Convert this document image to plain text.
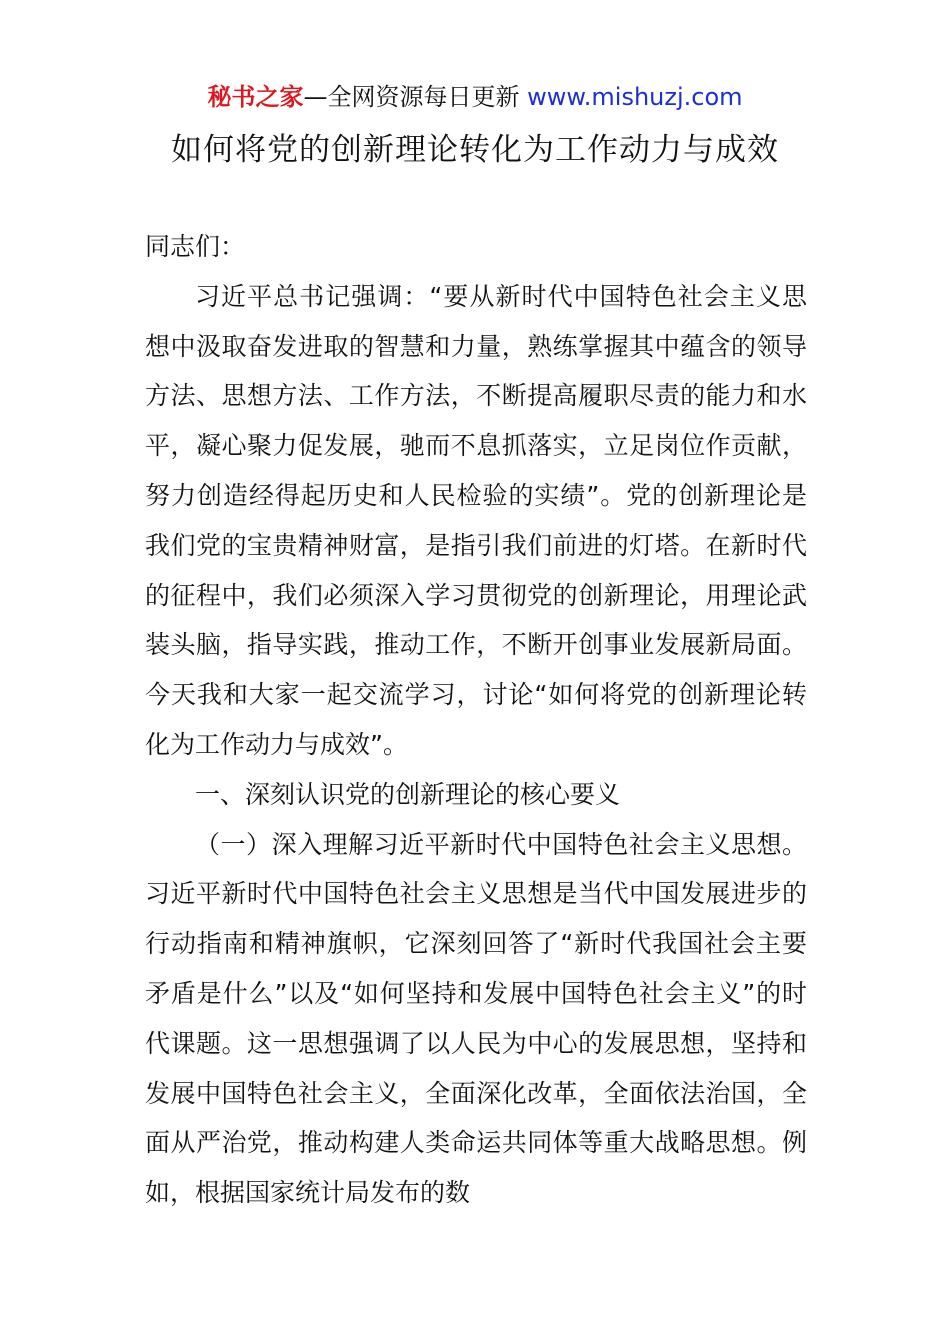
秘书之家—全网资源每日更新 www.mishuzj.com
如何将党的创新理论转化为工作动力与成效

同志们：

习近平总书记强调：“要从新时代中国特色社会主义思想中汲取奋发进取的智慧和力量，熟练掌握其中蕴含的领导方法、思想方法、工作方法，不断提高履职尽责的能力和水平，凝心聚力促发展，驰而不息抓落实，立足岗位作贡献，努力创造经得起历史和人民检验的实绩”。党的创新理论是我们党的宝贵精神财富，是指引我们前进的灯塔。在新时代的征程中，我们必须深入学习贯彻党的创新理论，用理论武装头脑，指导实践，推动工作，不断开创事业发展新局面。今天我和大家一起交流学习，讨论“如何将党的创新理论转化为工作动力与成效”。

一、深刻认识党的创新理论的核心要义

（一）深入理解习近平新时代中国特色社会主义思想。习近平新时代中国特色社会主义思想是当代中国发展进步的行动指南和精神旗帜，它深刻回答了“新时代我国社会主要矛盾是什么”以及“如何坚持和发展中国特色社会主义”的时代课题。这一思想强调了以人民为中心的发展思想，坚持和发展中国特色社会主义，全面深化改革，全面依法治国，全面从严治党，推动构建人类命运共同体等重大战略思想。例如，根据国家统计局发布的数
